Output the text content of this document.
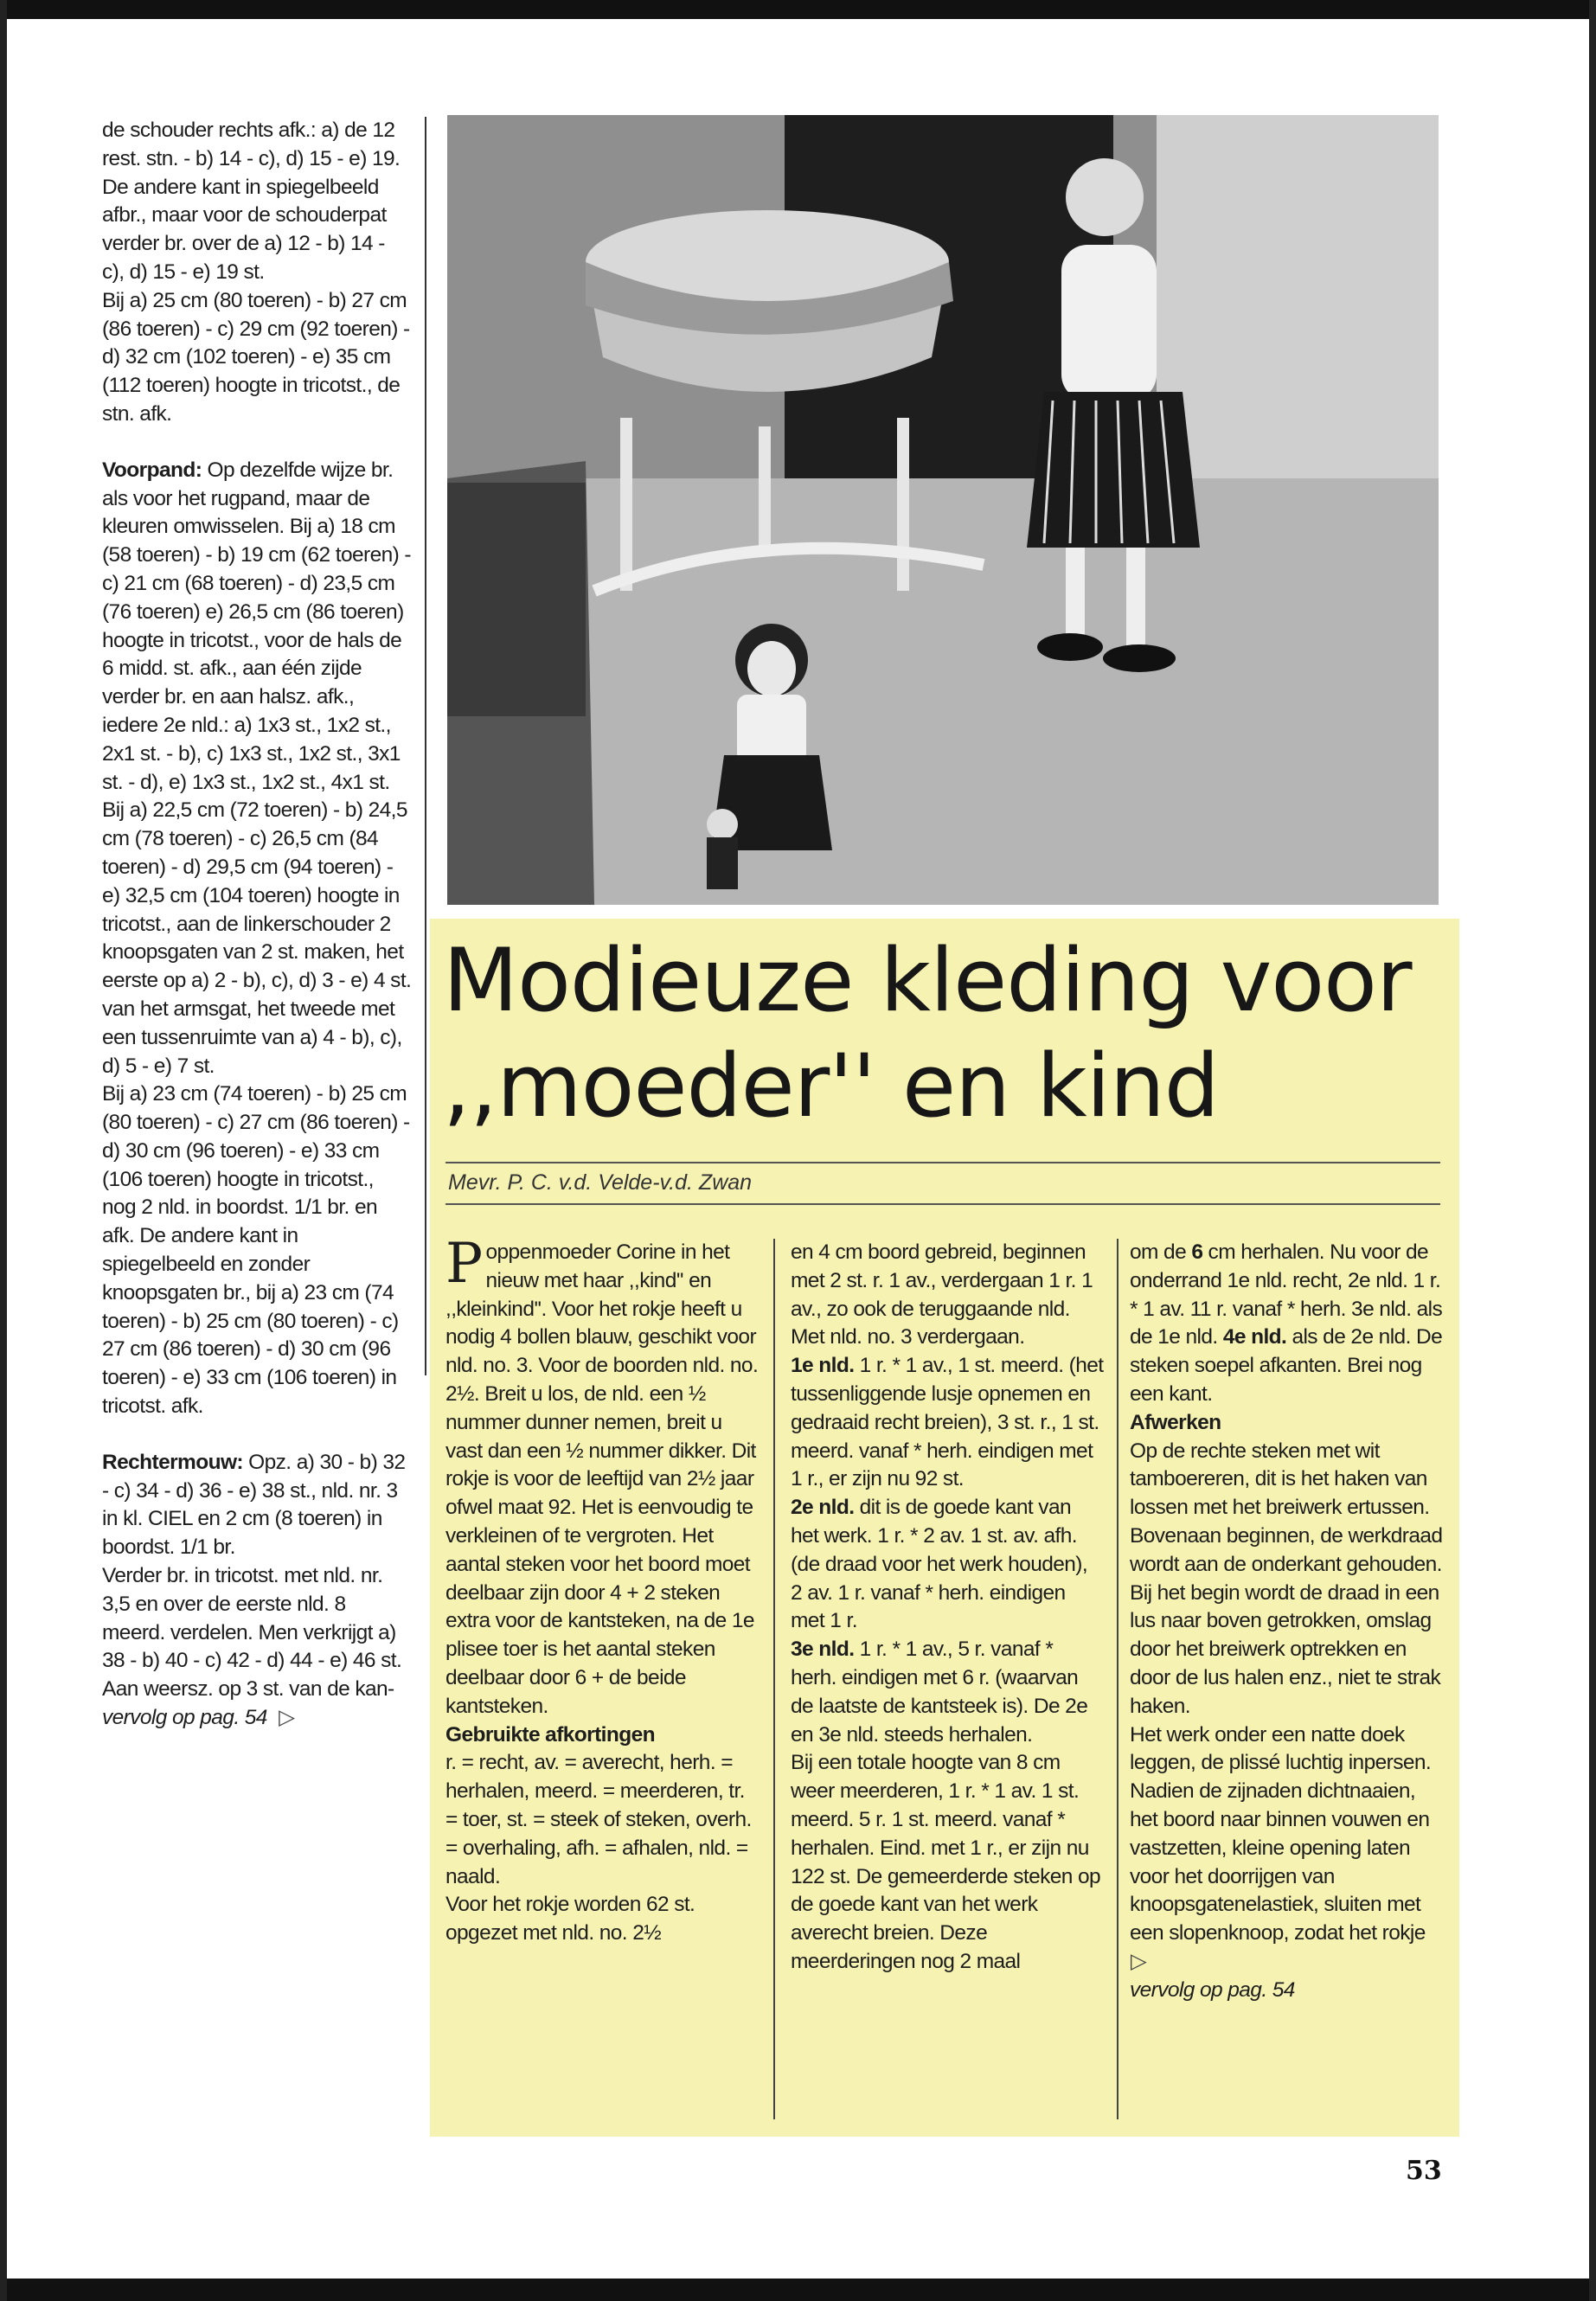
de schouder rechts afk.: a) de 12 rest. stn. - b) 14 - c), d) 15 - e) 19.

De andere kant in spiegelbeeld afbr., maar voor de schouderpat verder br. over de a) 12 - b) 14 - c), d) 15 - e) 19 st.

Bij a) 25 cm (80 toeren) - b) 27 cm (86 toeren) - c) 29 cm (92 toeren) - d) 32 cm (102 toeren) - e) 35 cm (112 toeren) hoogte in tricotst., de stn. afk.

Voorpand: Op dezelfde wijze br. als voor het rugpand, maar de kleuren omwisselen. Bij a) 18 cm (58 toeren) - b) 19 cm (62 toeren) - c) 21 cm (68 toeren) - d) 23,5 cm (76 toeren) e) 26,5 cm (86 toeren) hoogte in tricotst., voor de hals de 6 midd. st. afk., aan één zijde verder br. en aan halsz. afk., iedere 2e nld.: a) 1x3 st., 1x2 st., 2x1 st. - b), c) 1x3 st., 1x2 st., 3x1 st. - d), e) 1x3 st., 1x2 st., 4x1 st.

Bij a) 22,5 cm (72 toeren) - b) 24,5 cm (78 toeren) - c) 26,5 cm (84 toeren) - d) 29,5 cm (94 toeren) - e) 32,5 cm (104 toeren) hoogte in tricotst., aan de linkerschouder 2 knoopsgaten van 2 st. maken, het eerste op a) 2 - b), c), d) 3 - e) 4 st. van het armsgat, het tweede met een tussenruimte van a) 4 - b), c), d) 5 - e) 7 st.

Bij a) 23 cm (74 toeren) - b) 25 cm (80 toeren) - c) 27 cm (86 toeren) - d) 30 cm (96 toeren) - e) 33 cm (106 toeren) hoogte in tricotst., nog 2 nld. in boordst. 1/1 br. en afk. De andere kant in spiegelbeeld en zonder knoopsgaten br., bij a) 23 cm (74 toeren) - b) 25 cm (80 toeren) - c) 27 cm (86 toeren) - d) 30 cm (96 toeren) - e) 33 cm (106 toeren) in tricotst. afk.

Rechtermouw: Opz. a) 30 - b) 32 - c) 34 - d) 36 - e) 38 st., nld. nr. 3 in kl. CIEL en 2 cm (8 toeren) in boordst. 1/1 br.

Verder br. in tricotst. met nld. nr. 3,5 en over de eerste nld. 8 meerd. verdelen. Men verkrijgt a) 38 - b) 40 - c) 42 - d) 44 - e) 46 st. Aan weersz. op 3 st. van de kan-

vervolg op pag. 54 ▷

Modieuze kleding voor
,,moeder'' en kind
Mevr. P. C. v.d. Velde-v.d. Zwan

Poppenmoeder Corine in het nieuw met haar ,,kind'' en ,,kleinkind''. Voor het rokje heeft u nodig 4 bollen blauw, geschikt voor nld. no. 3. Voor de boorden nld. no. 2½. Breit u los, de nld. een ½ nummer dunner nemen, breit u vast dan een ½ nummer dikker. Dit rokje is voor de leeftijd van 2½ jaar ofwel maat 92. Het is eenvoudig te verkleinen of te vergroten. Het aantal steken voor het boord moet deelbaar zijn door 4 + 2 steken extra voor de kantsteken, na de 1e plisee toer is het aantal steken deelbaar door 6 + de beide kantsteken.

Gebruikte afkortingen

r. = recht, av. = averecht, herh. = herhalen, meerd. = meerderen, tr. = toer, st. = steek of steken, overh. = overhaling, afh. = afhalen, nld. = naald.

Voor het rokje worden 62 st. opgezet met nld. no. 2½

en 4 cm boord gebreid, beginnen met 2 st. r. 1 av., verdergaan 1 r. 1 av., zo ook de teruggaande nld. Met nld. no. 3 verdergaan.

1e nld. 1 r. * 1 av., 1 st. meerd. (het tussenliggende lusje opnemen en gedraaid recht breien), 3 st. r., 1 st. meerd. vanaf * herh. eindigen met 1 r., er zijn nu 92 st.

2e nld. dit is de goede kant van het werk. 1 r. * 2 av. 1 st. av. afh. (de draad voor het werk houden), 2 av. 1 r. vanaf * herh. eindigen met 1 r.

3e nld. 1 r. * 1 av., 5 r. vanaf * herh. eindigen met 6 r. (waarvan de laatste de kantsteek is). De 2e en 3e nld. steeds herhalen.

Bij een totale hoogte van 8 cm weer meerderen, 1 r. * 1 av. 1 st. meerd. 5 r. 1 st. meerd. vanaf * herhalen. Eind. met 1 r., er zijn nu 122 st. De gemeerderde steken op de goede kant van het werk averecht breien. Deze meerderingen nog 2 maal

om de 6 cm herhalen. Nu voor de onderrand 1e nld. recht, 2e nld. 1 r. * 1 av. 11 r. vanaf * herh. 3e nld. als de 1e nld. 4e nld. als de 2e nld. De steken soepel afkanten. Brei nog een kant.

Afwerken

Op de rechte steken met wit tamboereren, dit is het haken van lossen met het breiwerk ertussen. Bovenaan beginnen, de werkdraad wordt aan de onderkant gehouden. Bij het begin wordt de draad in een lus naar boven getrokken, omslag door het breiwerk optrekken en door de lus halen enz., niet te strak haken.

Het werk onder een natte doek leggen, de plissé luchtig inpersen. Nadien de zijnaden dichtnaaien, het boord naar binnen vouwen en vastzetten, kleine opening laten voor het doorrijgen van knoopsgatenelastiek, sluiten met een slopenknoop, zodat het rokje ▷

vervolg op pag. 54

53
